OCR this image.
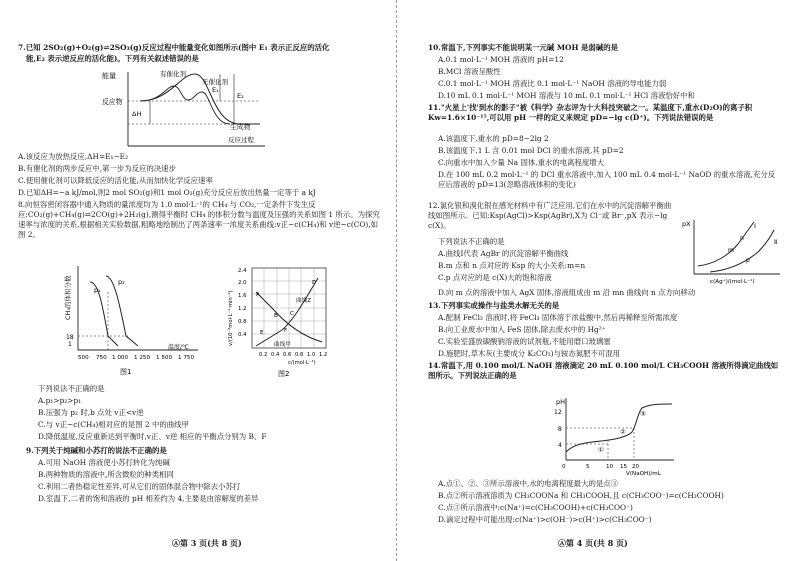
7.已知 2SO₂(g)+O₂(g)⇌2SO₃(g)反应过程中能量变化如图所示(图中 E₁ 表示正反应的活化
能,E₂ 表示逆反应的活化能)。下列有关叙述错误的是
能量	有催化剂
无催化剂
反应物
生成物
反应过程
E₁
E₂
ΔH
A.该反应为放热反应,ΔH=E₁−E₂
B.有催化剂的两步反应中,第一步为反应的决速步
C.使用催化剂可以降低反应的活化能,从而加快化学反应速率
D.已知ΔH=−a kJ/mol,则2 mol SO₂(g)和1 mol O₂(g)充分反应后放出热量一定等于 a kJ
8.向恒容密闭容器中通入物质的量浓度均为 1.0 mol·L⁻¹的 CH₄ 与 CO₂,一定条件下发生反应:CO₂(g)+CH₄(g)⇌2CO(g)+2H₂(g),测得平衡时 CH₄ 的体积分数与温度及压强的关系如图 1 所示。为探究速率与浓度的关系,根据相关实验数据,粗略地绘制出了两条速率一浓度关系曲线:v正~c(CH₄)和 v逆~c(CO),如图 2。
CH₄的体积分数
1
18
p₁
p₂
500 750 1 000 1 250 1 500 1 750
温度/℃
图1
v/(10⁻³mol·L⁻¹·min⁻¹)
2.4
2.0
1.6
1.2
0.8
0.4
曲线Z
曲线甲
A
B C
D
E	F
0.2 0.4 0.6 0.8 1.0 1.2
c/(mol·L⁻¹)
图2
下列说法不正确的是
A.p₁>p₂>p₁
B.压强为 p₂ 时,b 点处 v正<v逆
C.与 v正~c(CH₄)相对应的是图 2 中的曲线甲
D.降低温度,反应重新达到平衡时,v正、v逆 相应的平衡点分别为 B、F
9.下列关于纯碱和小苏打的说法不正确的是
A.可用 NaOH 溶液使小苏打转化为纯碱
B.两种物质的溶液中,所含微粒的种类相同
C.利用二者热稳定性差异,可从它们的固体混合物中除去小苏打
D.室温下,二者的饱和溶液的 pH 相差约为 4,主要是由溶解度的差异
Ⓐ第 3 页(共 8 页)
10.常温下,下列事实不能说明某一元碱 MOH 是弱碱的是
A.0.1 mol·L⁻¹ MOH 溶液的 pH=12
B.MCl 溶液呈酸性
C.0.1 mol·L⁻¹ MOH 溶液比 0.1 mol·L⁻¹ NaOH 溶液的导电能力弱
D.10 mL 0.1 mol·L⁻¹ MOH 溶液与 10 mL 0.1 mol·L⁻¹ HCl 溶液恰好中和
11."火星上'找'到水的影子"被《科学》杂志评为十大科技突破之一。某温度下,重水(D₂O)的离子积 Kw=1.6×10⁻¹⁵,可以用 pH 一样的定义来规定 pD=−lg c(D⁺)。下列说法错误的是
A.该温度下,重水的 pD=8−2lg 2
B.该温度下,1 L 含 0.01 mol DCl 的重水溶液,其 pD=2
C.向重水中加入少量 Na 固体,重水的电离程度增大
D.在 100 mL 0.2 mol·L⁻¹ 的 DCl 重水溶液中,加入 100 mL 0.4 mol·L⁻¹ NaOD 的重水溶液,充分反应后溶液的 pD=13(忽略溶液体积的变化)
12.氯化银和溴化银在感光材料中有广泛应用,它们在水中的沉淀溶解平衡曲线如图所示。已知:Ksp(AgCl)>Ksp(AgBr),X为 Cl⁻或 Br⁻,pX 表示−lg c(X)。	pX	Ⅰ
Ⅱ
m
n
p
c(Ag⁺)/(mol·L⁻¹)
下列说法不正确的是
A.曲线Ⅰ代表 AgBr 的沉淀溶解平衡曲线
B.m 点和 n 点对应的 Ksp 的大小关系:m=n
C.p 点对应的是 c(X)大的饱和溶液
D.向 m 点的溶液中加入 AgX 固体,溶液组成由 m 沿 mn 曲线向 n 点方向移动
13.下列事实或操作与盐类水解无关的是
A.配制 FeCl₃ 溶液时,将 FeCl₃ 固体溶于浓盐酸中,然后再稀释至所需浓度
B.向工业废水中加入 FeS 固体,除去废水中的 Hg²⁺
C.实验室盛放碳酸钠溶液的试剂瓶,不能用磨口玻璃塞
D.施肥时,草木灰(主要成分 K₂CO₃)与铵态氮肥不可混用
14.常温下,用 0.100 mol/L NaOH 溶液滴定 20 mL 0.100 mol/L CH₃COOH 溶液所得滴定曲线如图所示。下列说法正确的是
pH
12
8
4
①
②
③
0	5	10 15 20
V(NaOH)/mL
A.点①、②、③所示溶液中,水的电离程度最大的是点③
B.点②所示溶液溶质为 CH₃COONa 和 CH₃COOH,且 c(CH₃COO⁻)=c(CH₃COOH)
C.点③所示溶液中:c(Na⁺)=c(CH₃COOH)+c(CH₃COO⁻)
D.滴定过程中可能出现:c(Na⁺)>c(OH⁻)>c(H⁺)>c(CH₃COO⁻)
Ⓐ第 4 页(共 8 页)
